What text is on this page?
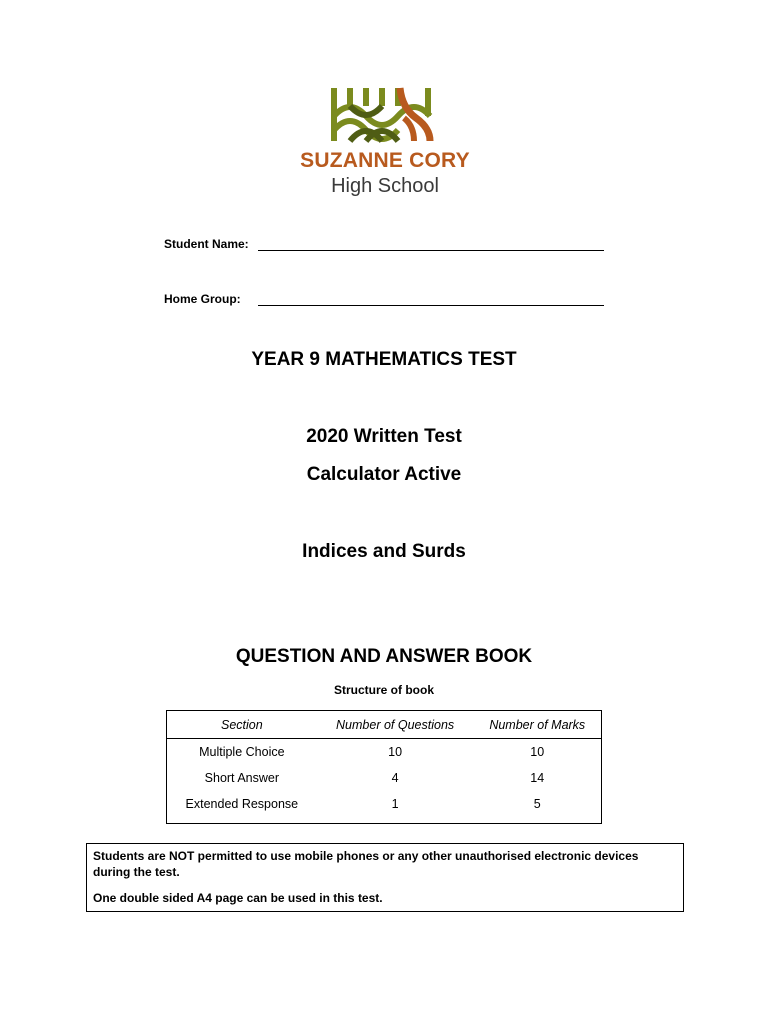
SUZANNE CORY
High School
Student Name:
Home Group:
YEAR 9 MATHEMATICS TEST
2020 Written Test
Calculator Active
Indices and Surds
QUESTION AND ANSWER BOOK
Structure of book
Section	Number of Questions	Number of Marks
Multiple Choice	10	10
Short Answer	4	14
Extended Response	1	5

Students are NOT permitted to use mobile phones or any other unauthorised electronic devices during the test.

One double sided A4 page can be used in this test.
